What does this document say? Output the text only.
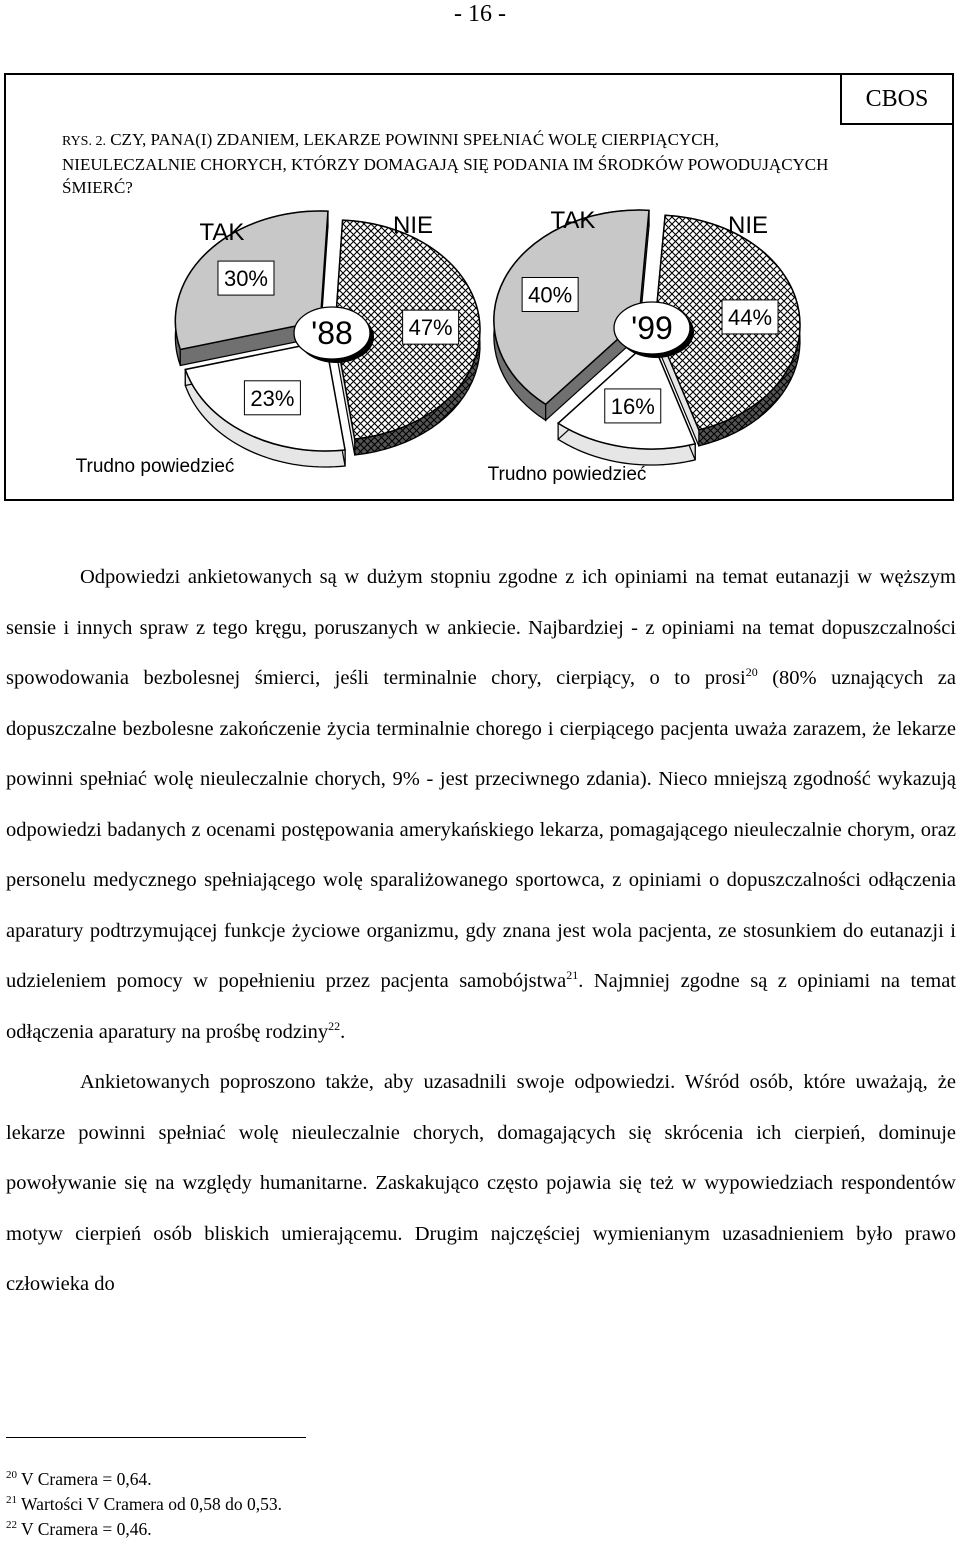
- 16 -
CBOS
RYS. 2. CZY, PANA(I) ZDANIEM, LEKARZE POWINNI SPEŁNIAĆ WOLĘ CIERPIĄCYCH, NIEULECZALNIE CHORYCH, KTÓRZY DOMAGAJĄ SIĘ PODANIA IM ŚRODKÓW POWODUJĄCYCH ŚMIERĆ?
30%
47%
23%
TAK	NIE
Trudno powiedzieć
'88
40%
44%
16%
TAK	NIE
Trudno powiedzieć
'99

Odpowiedzi ankietowanych są w dużym stopniu zgodne z ich opiniami na temat eutanazji w węższym sensie i innych spraw z tego kręgu, poruszanych w ankiecie. Najbardziej - z opiniami na temat dopuszczalności spowodowania bezbolesnej śmierci, jeśli terminalnie chory, cierpiący, o to prosi$^{20}$ (80% uznających za dopuszczalne bezbolesne zakończenie życia terminalnie chorego i cierpiącego pacjenta uważa zarazem, że lekarze powinni spełniać wolę nieuleczalnie chorych, 9% - jest przeciwnego zdania). Nieco mniejszą zgodność wykazują odpowiedzi badanych z ocenami postępowania amerykańskiego lekarza, pomagającego nieuleczalnie chorym, oraz personelu medycznego spełniającego wolę sparaliżowanego sportowca, z opiniami o dopuszczalności odłączenia aparatury podtrzymującej funkcje życiowe organizmu, gdy znana jest wola pacjenta, ze stosunkiem do eutanazji i udzieleniem pomocy w popełnieniu przez pacjenta samobójstwa$^{21}$. Najmniej zgodne są z opiniami na temat odłączenia aparatury na prośbę rodziny$^{22}$.

Ankietowanych poproszono także, aby uzasadnili swoje odpowiedzi. Wśród osób, które uważają, że lekarze powinni spełniać wolę nieuleczalnie chorych, domagających się skrócenia ich cierpień, dominuje powoływanie się na względy humanitarne. Zaskakująco często pojawia się też w wypowiedziach respondentów motyw cierpień osób bliskich umierającemu. Drugim najczęściej wymienianym uzasadnieniem było prawo człowieka do

$^{20}$ V Cramera = 0,64.
$^{21}$ Wartości V Cramera od 0,58 do 0,53.
$^{22}$ V Cramera = 0,46.
